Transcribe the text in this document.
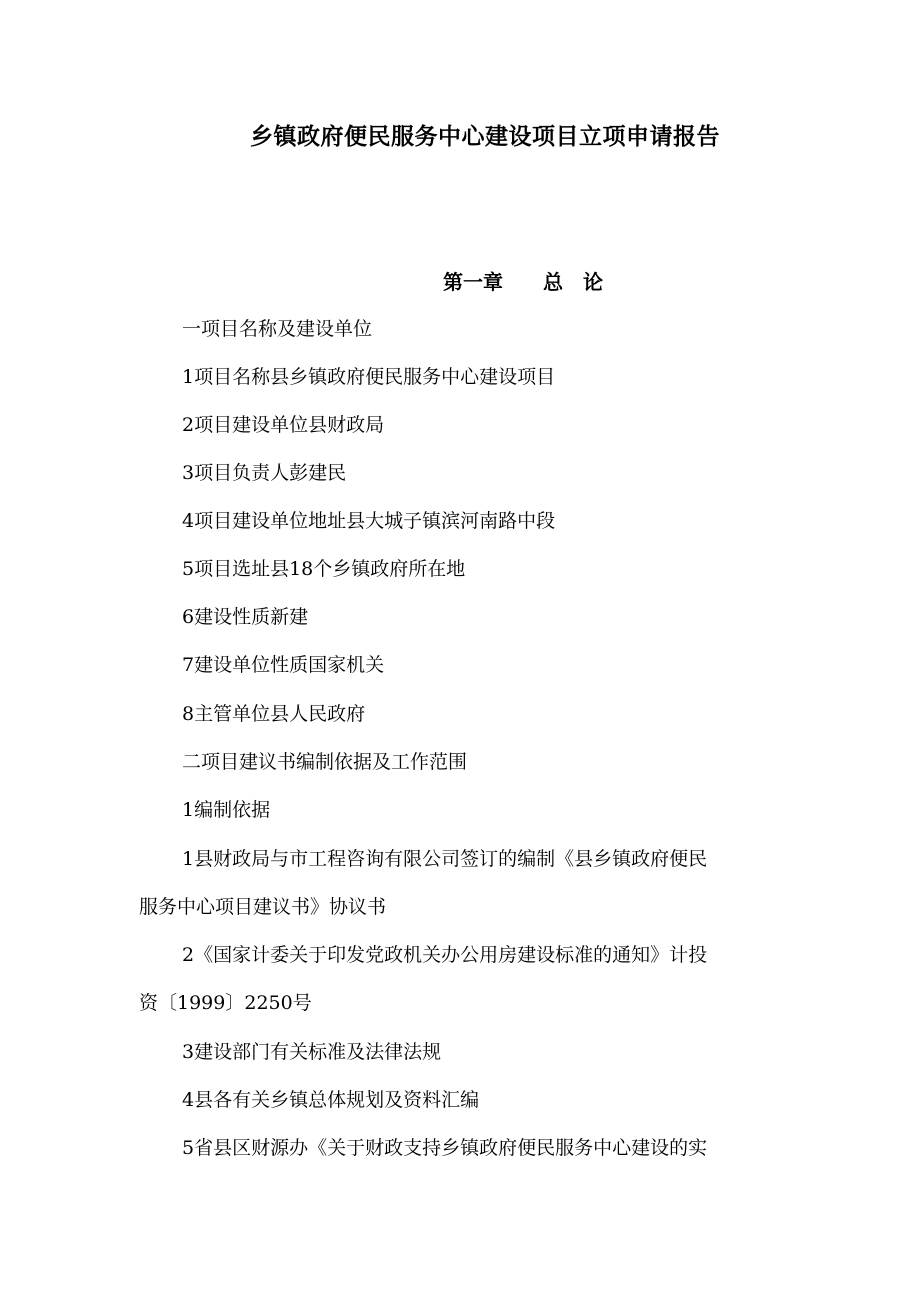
乡镇政府便民服务中心建设项目立项申请报告
第一章　　总　论

一项目名称及建设单位

1项目名称县乡镇政府便民服务中心建设项目

2项目建设单位县财政局

3项目负责人彭建民

4项目建设单位地址县大城子镇滨河南路中段

5项目选址县18个乡镇政府所在地

6建设性质新建

7建设单位性质国家机关

8主管单位县人民政府

二项目建议书编制依据及工作范围

1编制依据

1县财政局与市工程咨询有限公司签订的编制《县乡镇政府便民

服务中心项目建议书》协议书

2《国家计委关于印发党政机关办公用房建设标准的通知》计投

资〔1999〕2250号

3建设部门有关标准及法律法规

4县各有关乡镇总体规划及资料汇编

5省县区财源办《关于财政支持乡镇政府便民服务中心建设的实
